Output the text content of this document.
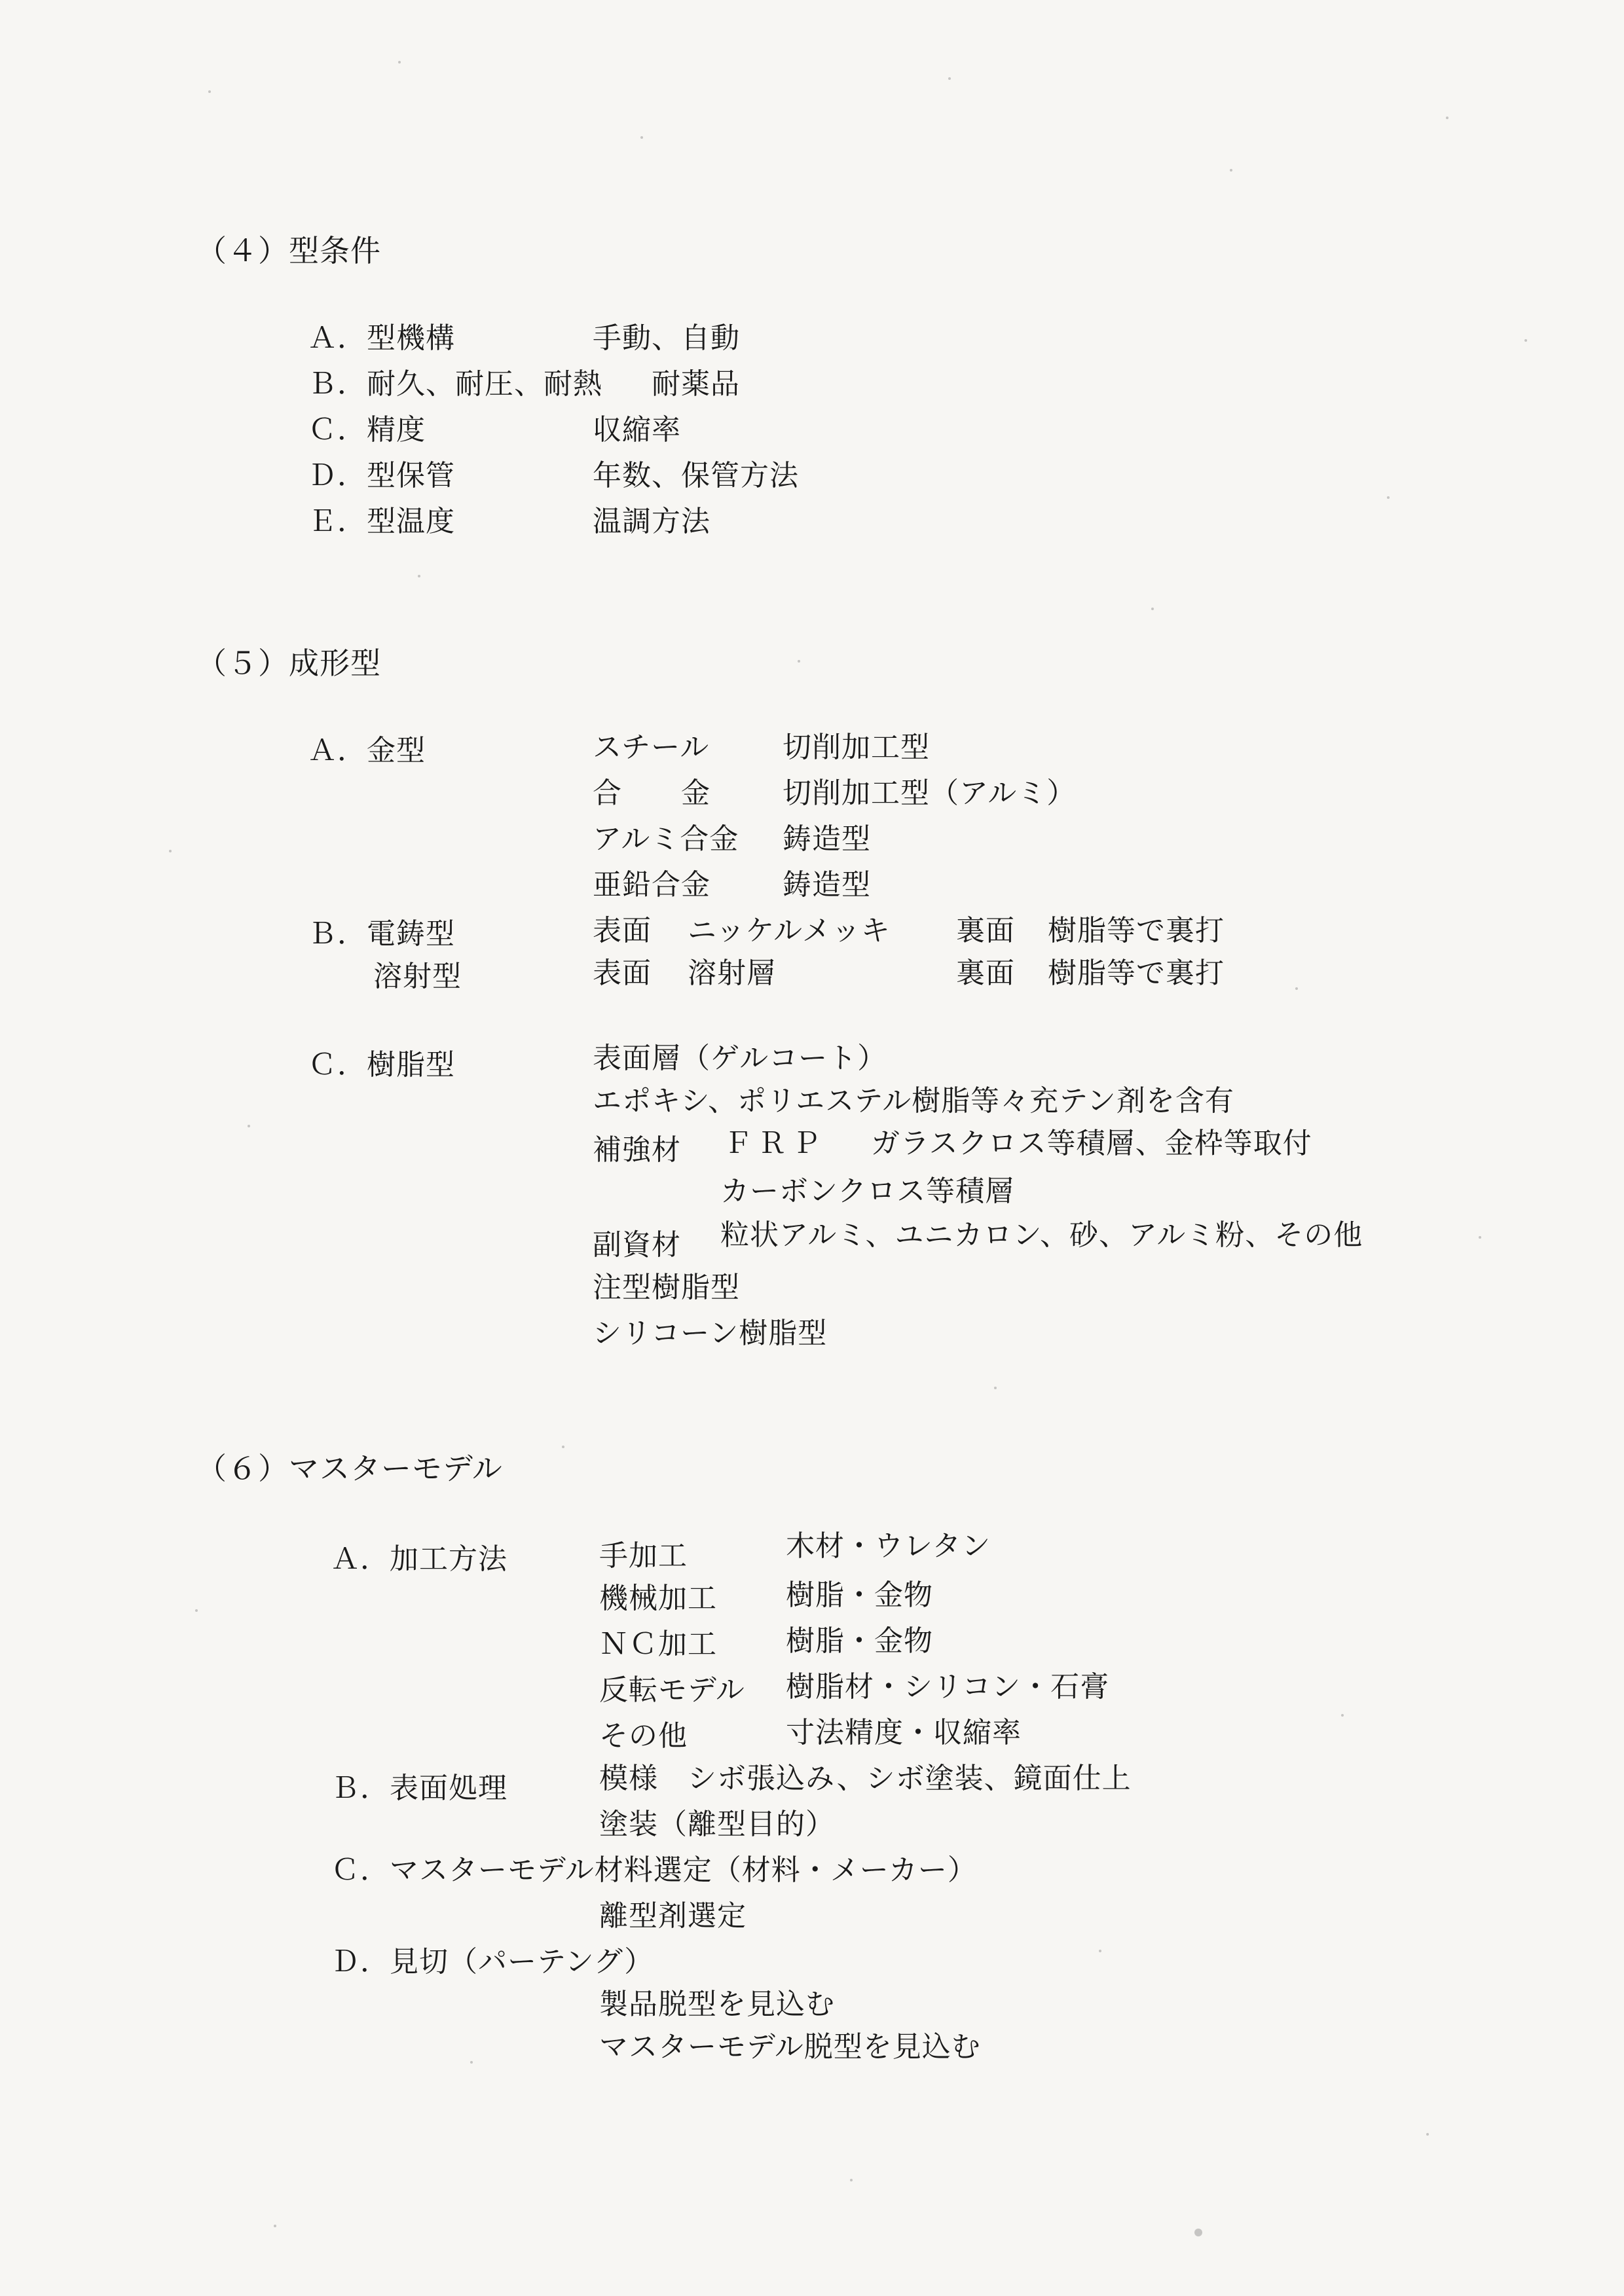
（４）型条件
Ａ．型機構	手動、自動
Ｂ．耐久、耐圧、耐熱 耐薬品
Ｃ．精度	収縮率
Ｄ．型保管	年数、保管方法
Ｅ．型温度	温調方法
（５）成形型
Ａ．金型	スチール	切削加工型
合　　金	切削加工型（アルミ）
アルミ合金 鋳造型
亜鉛合金	鋳造型
Ｂ．電鋳型	表面 ニッケルメッキ 裏面 樹脂等で裏打
溶射型	表面 溶射層	裏面 樹脂等で裏打
Ｃ．樹脂型	表面層（ゲルコート）
エポキシ、ポリエステル樹脂等々充テン剤を含有
補強材 ＦＲＰ ガラスクロス等積層、金枠等取付
カーボンクロス等積層
副資材 粒状アルミ、ユニカロン、砂、アルミ粉、その他
注型樹脂型
シリコーン樹脂型
（６）マスターモデル
Ａ．加工方法	手加工	木材・ウレタン
機械加工 樹脂・金物
ＮＣ加工 樹脂・金物
反転モデル 樹脂材・シリコン・石膏
その他	寸法精度・収縮率
Ｂ．表面処理	模様　シボ張込み、シボ塗装、鏡面仕上
塗装（離型目的）
Ｃ．マスターモデル材料選定（材料・メーカー）
離型剤選定
Ｄ．見切（パーテング）
製品脱型を見込む
マスターモデル脱型を見込む
